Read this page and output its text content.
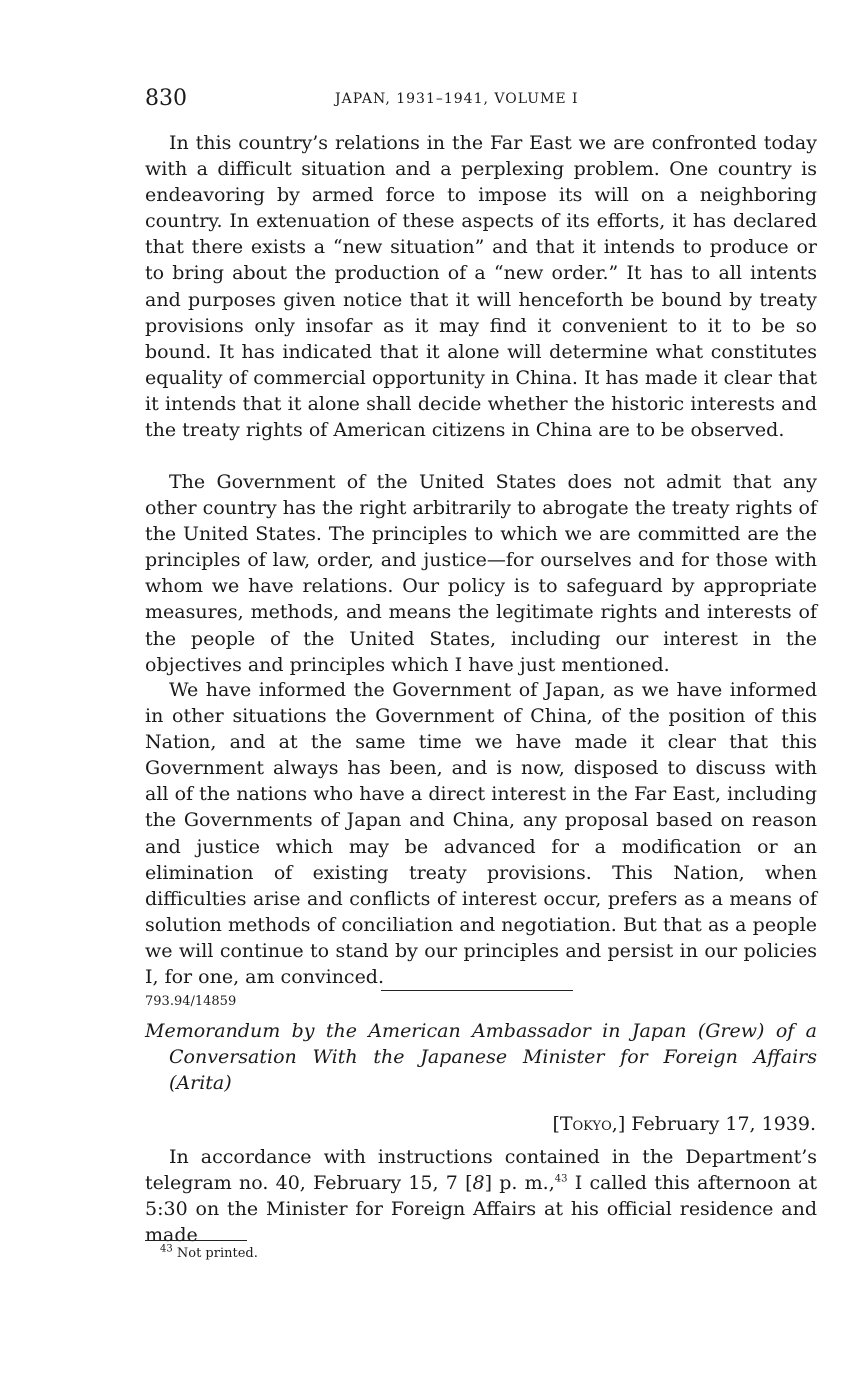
830	JAPAN, 1931–1941, VOLUME I

In this country’s relations in the Far East we are confronted today with a difficult situation and a perplexing problem. One country is endeavoring by armed force to impose its will on a neighboring country. In extenuation of these aspects of its efforts, it has declared that there exists a “new situation” and that it intends to produce or to bring about the production of a “new order.” It has to all intents and purposes given notice that it will henceforth be bound by treaty provisions only insofar as it may find it convenient to it to be so bound. It has indicated that it alone will determine what constitutes equality of commercial opportunity in China. It has made it clear that it intends that it alone shall decide whether the historic interests and the treaty rights of American citizens in China are to be observed.

The Government of the United States does not admit that any other country has the right arbitrarily to abrogate the treaty rights of the United States. The principles to which we are committed are the principles of law, order, and justice—for ourselves and for those with whom we have relations. Our policy is to safeguard by appropriate measures, methods, and means the legitimate rights and interests of the people of the United States, including our interest in the objectives and principles which I have just mentioned.

We have informed the Government of Japan, as we have informed in other situations the Government of China, of the position of this Nation, and at the same time we have made it clear that this Government always has been, and is now, disposed to discuss with all of the nations who have a direct interest in the Far East, including the Governments of Japan and China, any proposal based on reason and justice which may be advanced for a modification or an elimination of existing treaty provisions. This Nation, when difficulties arise and conflicts of interest occur, prefers as a means of solution methods of conciliation and negotiation. But that as a people we will continue to stand by our principles and persist in our policies I, for one, am convinced.

793.94/14859
Memorandum by the American Ambassador in Japan (Grew) of a Conversation With the Japanese Minister for Foreign Affairs (Arita)
[Tokyo,] February 17, 1939.

In accordance with instructions contained in the Department’s telegram no. 40, February 15, 7 [8] p. m.,$^{43}$ I called this afternoon at 5:30 on the Minister for Foreign Affairs at his official residence and made

$^{43}$ Not printed.
